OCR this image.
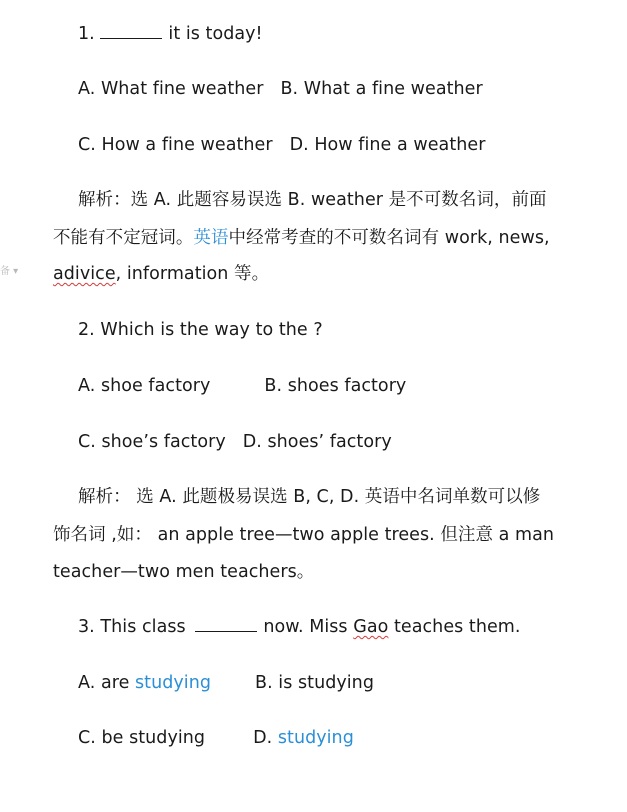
备 ▾
1.	it is today!
A. What fine weather B. What a fine weather
C. How a fine weather D. How fine a weather
解析：选 A. 此题容易误选 B. weather 是不可数名词，前面
不能有不定冠词。英语中经常考查的不可数名词有 work, news,
adivice, information 等。
2. Which is the way to the ?
A. shoe factory	B. shoes factory
C. shoe’s factory D. shoes’ factory
解析： 选 A. 此题极易误选 B, C, D. 英语中名词单数可以修
饰名词 ,如： an apple tree—two apple trees. 但注意 a man
teacher—two men teachers。
3. This class	now. Miss Gao teaches them.
A. are studying	B. is studying
C. be studying	D. studying
